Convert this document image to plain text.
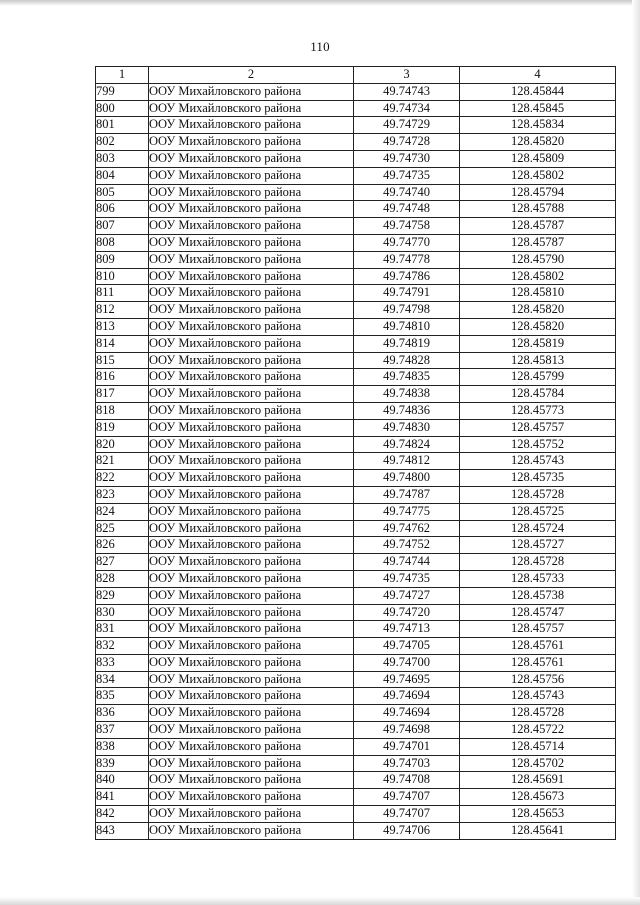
110
1	2	3	4
799	ООУ Михайловского района	49.74743	128.45844
800	ООУ Михайловского района	49.74734	128.45845
801	ООУ Михайловского района	49.74729	128.45834
802	ООУ Михайловского района	49.74728	128.45820
803	ООУ Михайловского района	49.74730	128.45809
804	ООУ Михайловского района	49.74735	128.45802
805	ООУ Михайловского района	49.74740	128.45794
806	ООУ Михайловского района	49.74748	128.45788
807	ООУ Михайловского района	49.74758	128.45787
808	ООУ Михайловского района	49.74770	128.45787
809	ООУ Михайловского района	49.74778	128.45790
810	ООУ Михайловского района	49.74786	128.45802
811	ООУ Михайловского района	49.74791	128.45810
812	ООУ Михайловского района	49.74798	128.45820
813	ООУ Михайловского района	49.74810	128.45820
814	ООУ Михайловского района	49.74819	128.45819
815	ООУ Михайловского района	49.74828	128.45813
816	ООУ Михайловского района	49.74835	128.45799
817	ООУ Михайловского района	49.74838	128.45784
818	ООУ Михайловского района	49.74836	128.45773
819	ООУ Михайловского района	49.74830	128.45757
820	ООУ Михайловского района	49.74824	128.45752
821	ООУ Михайловского района	49.74812	128.45743
822	ООУ Михайловского района	49.74800	128.45735
823	ООУ Михайловского района	49.74787	128.45728
824	ООУ Михайловского района	49.74775	128.45725
825	ООУ Михайловского района	49.74762	128.45724
826	ООУ Михайловского района	49.74752	128.45727
827	ООУ Михайловского района	49.74744	128.45728
828	ООУ Михайловского района	49.74735	128.45733
829	ООУ Михайловского района	49.74727	128.45738
830	ООУ Михайловского района	49.74720	128.45747
831	ООУ Михайловского района	49.74713	128.45757
832	ООУ Михайловского района	49.74705	128.45761
833	ООУ Михайловского района	49.74700	128.45761
834	ООУ Михайловского района	49.74695	128.45756
835	ООУ Михайловского района	49.74694	128.45743
836	ООУ Михайловского района	49.74694	128.45728
837	ООУ Михайловского района	49.74698	128.45722
838	ООУ Михайловского района	49.74701	128.45714
839	ООУ Михайловского района	49.74703	128.45702
840	ООУ Михайловского района	49.74708	128.45691
841	ООУ Михайловского района	49.74707	128.45673
842	ООУ Михайловского района	49.74707	128.45653
843	ООУ Михайловского района	49.74706	128.45641
